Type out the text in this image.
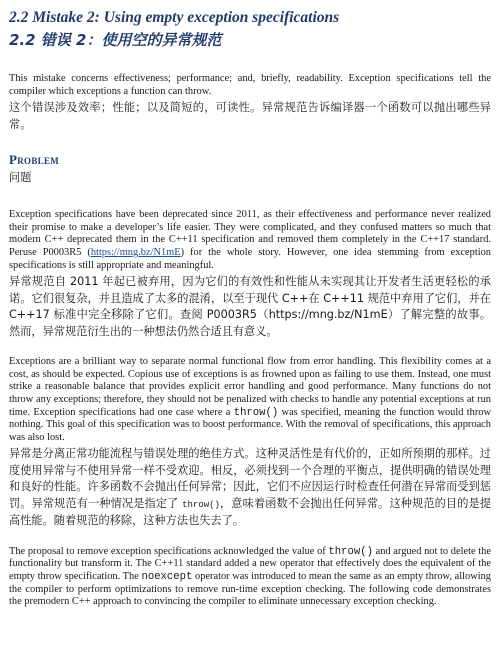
2.2 Mistake 2: Using empty exception specifications
2.2 错误 2：使用空的异常规范

This mistake concerns effectiveness; performance; and, briefly, readability. Exception specifications tell the compiler which exceptions a function can throw.

这个错误涉及效率；性能；以及简短的，可读性。异常规范告诉编译器一个函数可以抛出哪些异常。

Problem

问题

Exception specifications have been deprecated since 2011, as their effectiveness and performance never realized their promise to make a developer’s life easier. They were complicated, and they confused matters so much that modern C++ deprecated them in the C++11 specification and removed them completely in the C++17 standard. Peruse P0003R5 (https://mng.bz/N1mE) for the whole story. However, one idea stemming from exception specifications is still appropriate and meaningful.

异常规范自 2011 年起已被弃用，因为它们的有效性和性能从未实现其让开发者生活更轻松的承诺。它们很复杂，并且造成了太多的混淆，以至于现代 C++在 C++11 规范中弃用了它们，并在 C++17 标准中完全移除了它们。查阅 P0003R5（https://mng.bz/N1mE）了解完整的故事。然而，异常规范衍生出的一种想法仍然合适且有意义。

Exceptions are a brilliant way to separate normal functional flow from error handling. This flexibility comes at a cost, as should be expected. Copious use of exceptions is as frowned upon as failing to use them. Instead, one must strike a reasonable balance that provides explicit error handling and good performance. Many functions do not throw any exceptions; therefore, they should not be penalized with checks to handle any potential exceptions at run time. Exception specifications had one case where a throw() was specified, meaning the function would throw nothing. This goal of this specification was to boost performance. With the removal of specifications, this approach was also lost.

异常是分离正常功能流程与错误处理的绝佳方式。这种灵活性是有代价的，正如所预期的那样。过度使用异常与不使用异常一样不受欢迎。相反，必须找到一个合理的平衡点，提供明确的错误处理和良好的性能。许多函数不会抛出任何异常；因此，它们不应因运行时检查任何潜在异常而受到惩罚。异常规范有一种情况是指定了 throw()，意味着函数不会抛出任何异常。这种规范的目的是提高性能。随着规范的移除，这种方法也失去了。

The proposal to remove exception specifications acknowledged the value of throw() and argued not to delete the functionality but transform it. The C++11 standard added a new operator that effectively does the equivalent of the empty throw specification. The noexcept operator was introduced to mean the same as an empty throw, allowing the compiler to perform optimizations to remove run-time exception checking. The following code demonstrates the premodern C++ approach to convincing the compiler to eliminate unnecessary exception checking.
